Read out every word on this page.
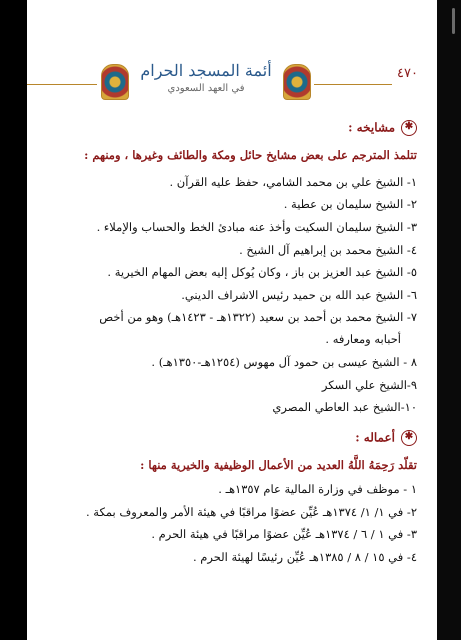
أئمة المسجد الحرام
في العهد السعودي
٤٧٠
✱مشايخه :
تتلمذ المترجم على بعض مشايخ حائل ومكة والطائف وغيرها ، ومنهم :
١- الشيخ علي بن محمد الشامي، حفظ عليه القرآن .
٢- الشيخ سليمان بن عطية .
٣- الشيخ سليمان السكيت وأخذ عنه مبادئ الخط والحساب والإملاء .
٤- الشيخ محمد بن إبراهيم آل الشيخ .
٥- الشيخ عبد العزيز بن باز ، وكان يُوكل إليه بعض المهام الخيرية .
٦- الشيخ عبد الله بن حميد رئيس الاشراف الديني.
٧- الشيخ محمد بن أحمد بن سعيد (١٣٢٢هـ - ١٤٢٣هـ) وهو من أخص
أحبابه ومعارفه .
٨ - الشيخ عيسى بن حمود آل مهوس (١٢٥٤هـ-١٣٥٠هـ) .
٩-الشيخ علي السكر
١٠-الشيخ عبد العاطي المصري
✱أعماله :
تقلّد رَحِمَهُ اللَّهُ العديد من الأعمال الوظيفية والخيرية منها :
١ - موظف في وزارة المالية عام ١٣٥٧هـ .
٢- في ١/ ١/ ١٣٧٤هـ عُيِّن عضوًا مراقبًا في هيئة الأمر والمعروف بمكة .
٣- في ١ / ٦ / ١٣٧٤هـ عُيِّن عضوًا مراقبًا في هيئة الحرم .
٤- في ١٥ / ٨ / ١٣٨٥هـ عُيِّن رئيسًا لهيئة الحرم .
